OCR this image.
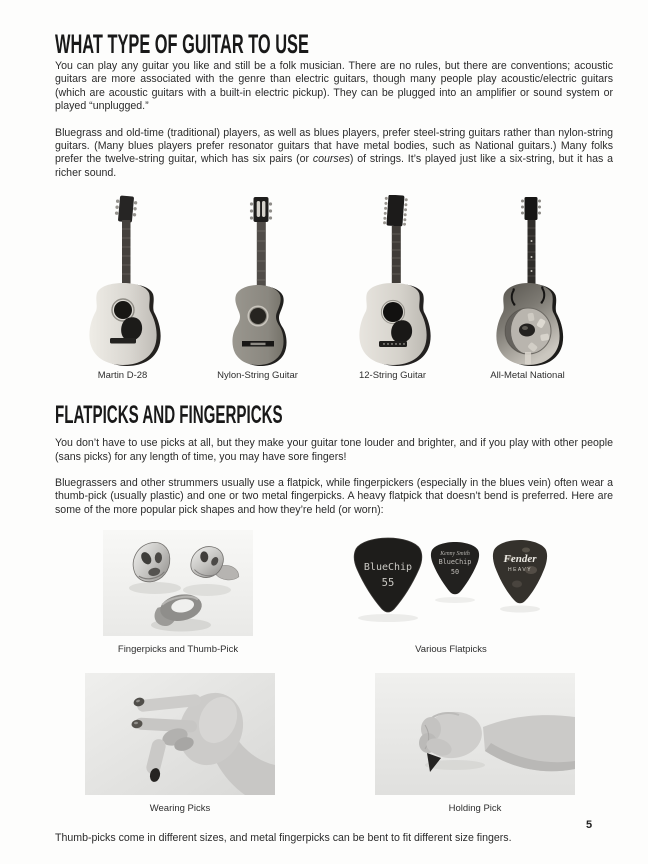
WHAT TYPE OF GUITAR TO USE

You can play any guitar you like and still be a folk musician. There are no rules, but there are conventions; acoustic guitars are more associated with the genre than electric guitars, though many people play acoustic/electric guitars (which are acoustic guitars with a built-in electric pickup). They can be plugged into an amplifier or sound system or played “unplugged.”

Bluegrass and old-time (traditional) players, as well as blues players, prefer steel-string guitars rather than nylon-string guitars. (Many blues players prefer resonator guitars that have metal bodies, such as National guitars.) Many folks prefer the twelve-string guitar, which has six pairs (or courses) of strings. It’s played just like a six-string, but it has a richer sound.

Martin D-28	Nylon-String Guitar	12-String Guitar	All-Metal National
FLATPICKS AND FINGERPICKS

You don’t have to use picks at all, but they make your guitar tone louder and brighter, and if you play with other people (sans picks) for any length of time, you may have sore fingers!

Bluegrassers and other strummers usually use a flatpick, while fingerpickers (especially in the blues vein) often wear a thumb-pick (usually plastic) and one or two metal fingerpicks. A heavy flatpick that doesn’t bend is preferred. Here are some of the more popular pick shapes and how they’re held (or worn):

Fingerpicks and Thumb-Pick
BlueChip
55
Kenny Smith
BlueChip
50
Fender
HEAVY
Various Flatpicks
Wearing Picks	Holding Pick

Thumb-picks come in different sizes, and metal fingerpicks can be bent to fit different size fingers.

5
